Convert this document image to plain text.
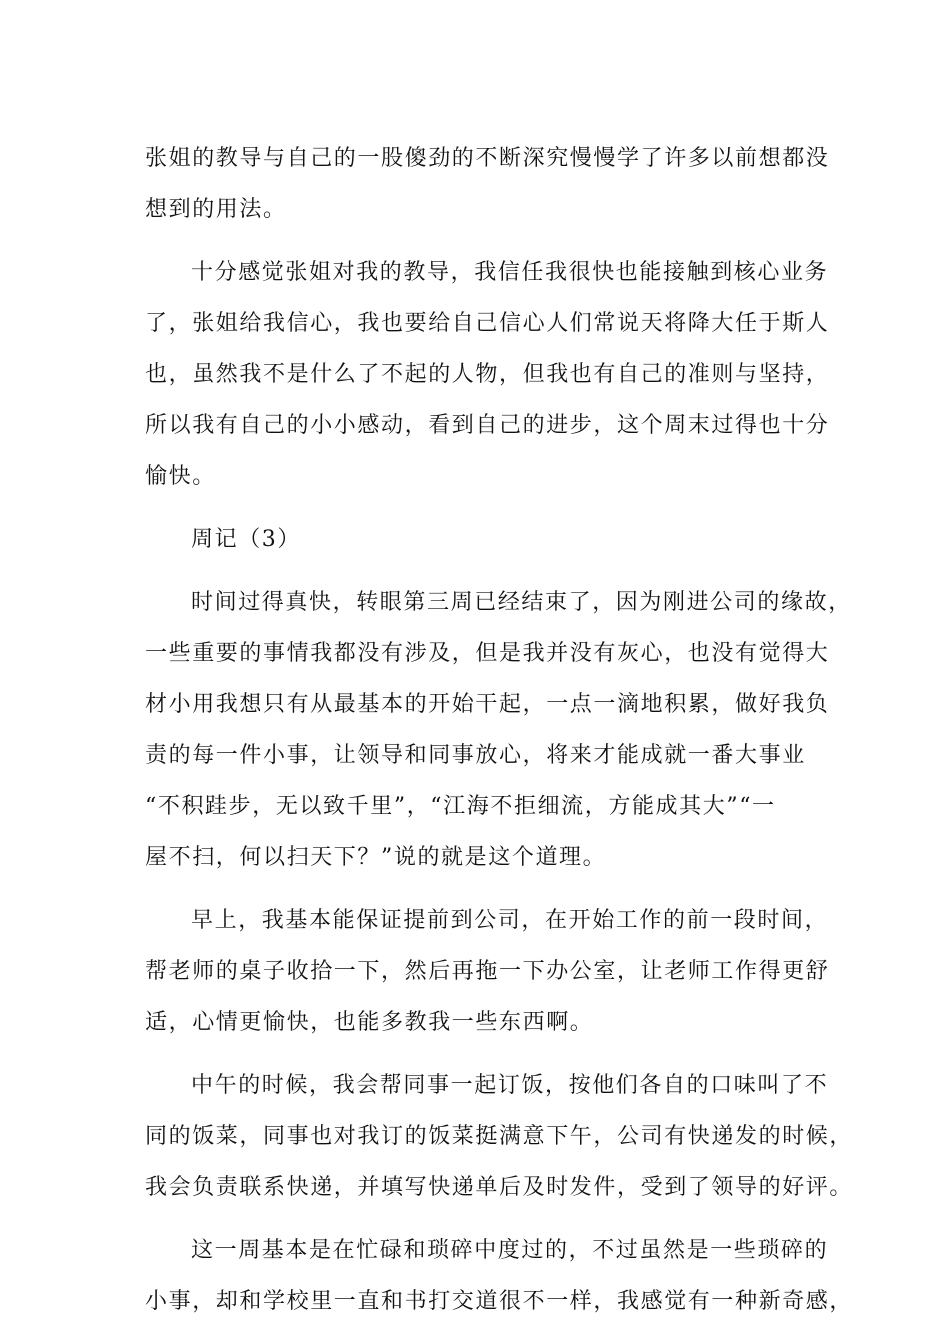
张姐的教导与自己的一股傻劲的不断深究慢慢学了许多以前想都没
想到的用法。
十分感觉张姐对我的教导，我信任我很快也能接触到核心业务
了，张姐给我信心，我也要给自己信心人们常说天将降大任于斯人
也，虽然我不是什么了不起的人物，但我也有自己的准则与坚持，
所以我有自己的小小感动，看到自己的进步，这个周末过得也十分
愉快。
周记（3）
时间过得真快，转眼第三周已经结束了，因为刚进公司的缘故，
一些重要的事情我都没有涉及，但是我并没有灰心，也没有觉得大
材小用我想只有从最基本的开始干起，一点一滴地积累，做好我负
责的每一件小事，让领导和同事放心，将来才能成就一番大事业
“不积跬步，无以致千里”，“江海不拒细流，方能成其大”“一
屋不扫，何以扫天下？”说的就是这个道理。
早上，我基本能保证提前到公司，在开始工作的前一段时间，
帮老师的桌子收拾一下，然后再拖一下办公室，让老师工作得更舒
适，心情更愉快，也能多教我一些东西啊。
中午的时候，我会帮同事一起订饭，按他们各自的口味叫了不
同的饭菜，同事也对我订的饭菜挺满意下午，公司有快递发的时候，
我会负责联系快递，并填写快递单后及时发件，受到了领导的好评。
这一周基本是在忙碌和琐碎中度过的，不过虽然是一些琐碎的
小事，却和学校里一直和书打交道很不一样，我感觉有一种新奇感，
